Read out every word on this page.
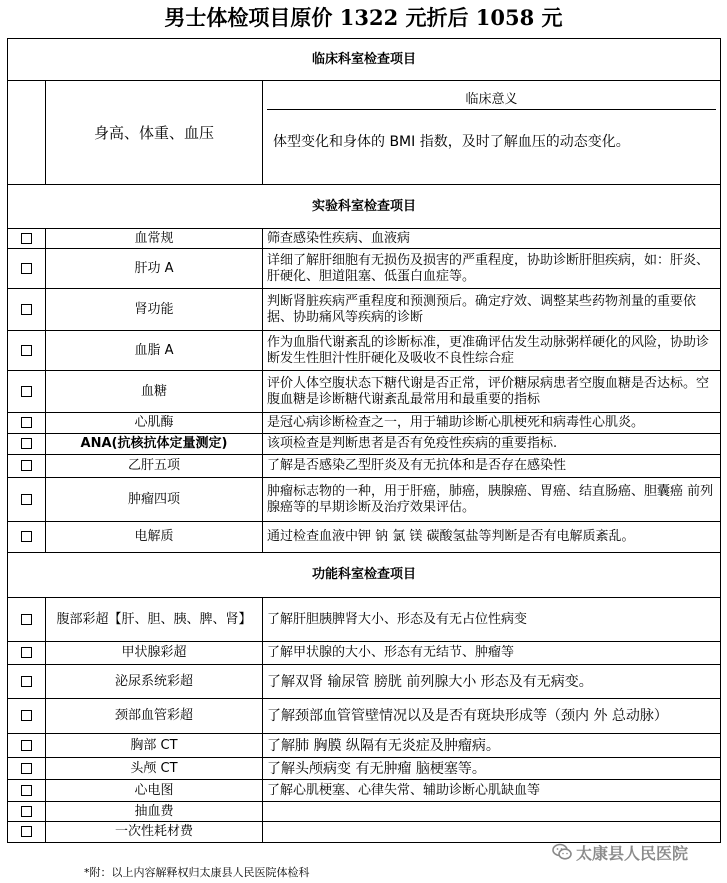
男士体检项目原价 1322 元折后 1058 元
临床科室检查项目		
	身高、体重、血压	临床意义
体型变化和身体的 BMI 指数，及时了解血压的动态变化。

实验科室检查项目		
	血常规	筛查感染性疾病、血液病
	肝功 A	详细了解肝细胞有无损伤及损害的严重程度，协助诊断肝胆疾病，如：肝炎、肝硬化、胆道阻塞、低蛋白血症等。
	肾功能	判断肾脏疾病严重程度和预测预后。确定疗效、调整某些药物剂量的重要依据、协助痛风等疾病的诊断
	血脂 A	作为血脂代谢紊乱的诊断标准，更准确评估发生动脉粥样硬化的风险，协助诊断发生性胆汁性肝硬化及吸收不良性综合症
	血糖	评价人体空腹状态下糖代谢是否正常，评价糖尿病患者空腹血糖是否达标。空腹血糖是诊断糖代谢紊乱最常用和最重要的指标
	心肌酶	是冠心病诊断检查之一，用于辅助诊断心肌梗死和病毒性心肌炎。
	ANA(抗核抗体定量测定)	该项检查是判断患者是否有免疫性疾病的重要指标.
	乙肝五项	了解是否感染乙型肝炎及有无抗体和是否存在感染性
	肿瘤四项	肿瘤标志物的一种，用于肝癌，肺癌，胰腺癌、胃癌、结直肠癌、胆囊癌 前列腺癌等的早期诊断及治疗效果评估。
	电解质	通过检查血液中钾 钠 氯 镁 碳酸氢盐等判断是否有电解质紊乱。
功能科室检查项目		
	腹部彩超【肝、胆、胰、脾、肾】	了解肝胆胰脾肾大小、形态及有无占位性病变
	甲状腺彩超	了解甲状腺的大小、形态有无结节、肿瘤等
	泌尿系统彩超	了解双肾 输尿管 膀胱 前列腺大小 形态及有无病变。
	颈部血管彩超	了解颈部血管管壁情况以及是否有斑块形成等（颈内 外 总动脉）
	胸部 CT	了解肺 胸膜 纵隔有无炎症及肿瘤病。
	头颅 CT	了解头颅病变 有无肿瘤 脑梗塞等。
	心电图	了解心肌梗塞、心律失常、辅助诊断心肌缺血等
	抽血费	
	一次性耗材费	
*附：以上内容解释权归太康县人民医院体检科
太康县人民医院
